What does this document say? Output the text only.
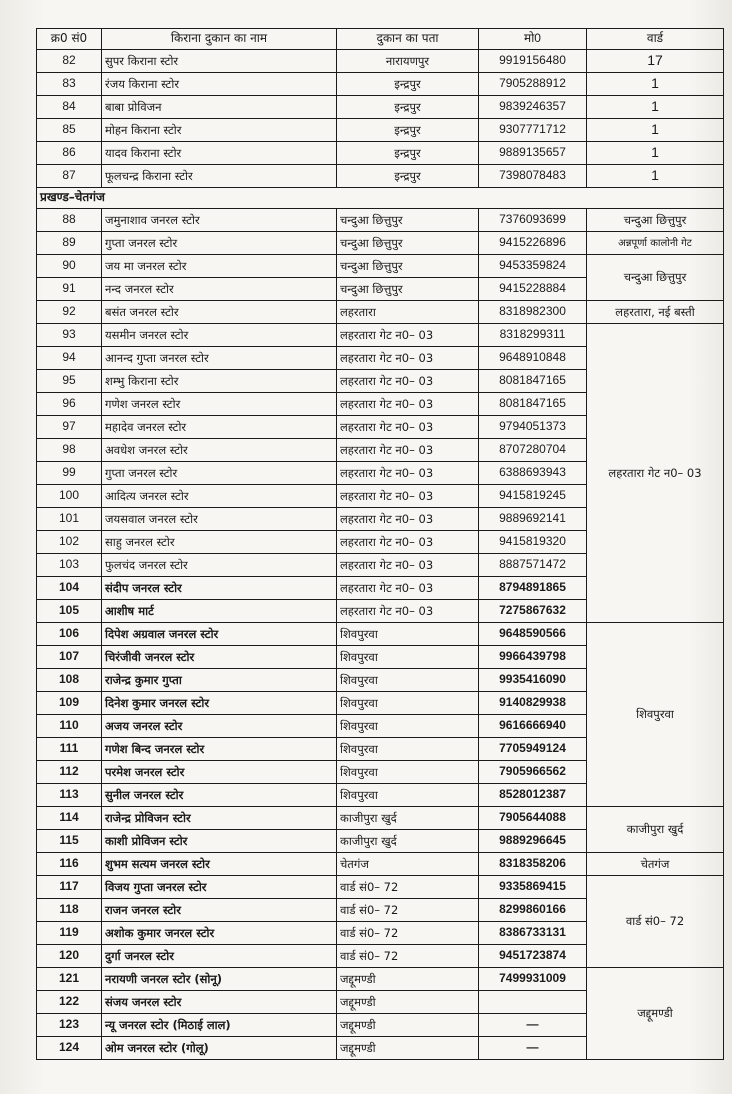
क्र0 सं0	किराना दुकान का नाम	दुकान का पता	मो0	वार्ड
82	सुपर किराना स्टोर	नारायणपुर	9919156480	17
83	रंजय किराना स्टोर	इन्द्रपुर	7905288912	1
84	बाबा प्रोविजन	इन्द्रपुर	9839246357	1
85	मोहन किराना स्टोर	इन्द्रपुर	9307771712	1
86	यादव किराना स्टोर	इन्द्रपुर	9889135657	1
87	फूलचन्द्र किराना स्टोर	इन्द्रपुर	7398078483	1
प्रखण्ड–चेतगंज				
88	जमुनाशाव जनरल स्टोर	चन्दुआ छित्तुपुर	7376093699	चन्दुआ छित्तुपुर
89	गुप्ता जनरल स्टोर	चन्दुआ छित्तुपुर	9415226896	अन्नपूर्णा कालोनी गेट
90	जय मा जनरल स्टोर	चन्दुआ छित्तुपुर	9453359824	चन्दुआ छित्तुपुर
91	नन्द जनरल स्टोर	चन्दुआ छित्तुपुर	9415228884	
92	बसंत जनरल स्टोर	लहरतारा	8318982300	लहरतारा, नई बस्ती
93	यसमीन जनरल स्टोर	लहरतारा गेट न0– 03	8318299311	लहरतारा गेट न0– 03
94	आनन्द गुप्ता जनरल स्टोर	लहरतारा गेट न0– 03	9648910848	
95	शम्भु किराना स्टोर	लहरतारा गेट न0– 03	8081847165	
96	गणेश जनरल स्टोर	लहरतारा गेट न0– 03	8081847165	
97	महादेव जनरल स्टोर	लहरतारा गेट न0– 03	9794051373	
98	अवधेश जनरल स्टोर	लहरतारा गेट न0– 03	8707280704	
99	गुप्ता जनरल स्टोर	लहरतारा गेट न0– 03	6388693943	
100	आदित्य जनरल स्टोर	लहरतारा गेट न0– 03	9415819245	
101	जयसवाल जनरल स्टोर	लहरतारा गेट न0– 03	9889692141	
102	साहु जनरल स्टोर	लहरतारा गेट न0– 03	9415819320	
103	फुलचंद जनरल स्टोर	लहरतारा गेट न0– 03	8887571472	
104	संदीप जनरल स्टोर	लहरतारा गेट न0– 03	8794891865	
105	आशीष मार्ट	लहरतारा गेट न0– 03	7275867632	
106	दिपेश अग्रवाल जनरल स्टोर	शिवपुरवा	9648590566	शिवपुरवा
107	चिरंजीवी जनरल स्टोर	शिवपुरवा	9966439798	
108	राजेन्द्र कुमार गुप्ता	शिवपुरवा	9935416090	
109	दिनेश कुमार जनरल स्टोर	शिवपुरवा	9140829938	
110	अजय जनरल स्टोर	शिवपुरवा	9616666940	
111	गणेश बिन्द जनरल स्टोर	शिवपुरवा	7705949124	
112	परमेश जनरल स्टोर	शिवपुरवा	7905966562	
113	सुनील जनरल स्टोर	शिवपुरवा	8528012387	
114	राजेन्द्र प्रोविजन स्टोर	काजीपुरा खुर्द	7905644088	काजीपुरा खुर्द
115	काशी प्रोविजन स्टोर	काजीपुरा खुर्द	9889296645	
116	शुभम सत्यम जनरल स्टोर	चेतगंज	8318358206	चेतगंज
117	विजय गुप्ता जनरल स्टोर	वार्ड सं0– 72	9335869415	वार्ड सं0– 72
118	राजन जनरल स्टोर	वार्ड सं0– 72	8299860166	
119	अशोक कुमार जनरल स्टोर	वार्ड सं0– 72	8386733131	
120	दुर्गा जनरल स्टोर	वार्ड सं0– 72	9451723874	
121	नरायणी जनरल स्टोर (सोनू)	जद्दूमण्डी	7499931009	जद्दूमण्डी
122	संजय जनरल स्टोर	जद्दूमण्डी		
123	न्यू जनरल स्टोर (मिठाई लाल)	जद्दूमण्डी	—	
124	ओम जनरल स्टोर (गोलू)	जद्दूमण्डी	—	
